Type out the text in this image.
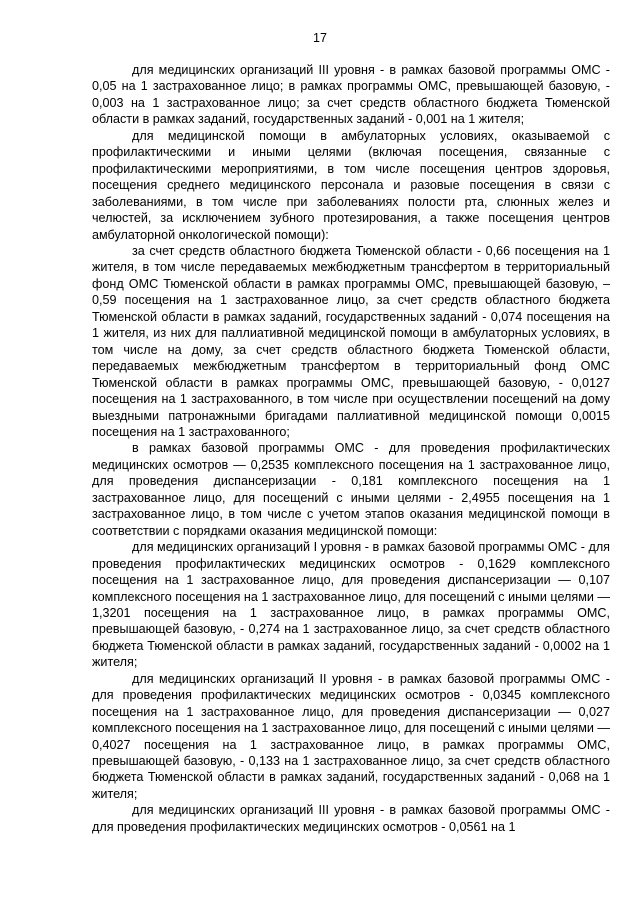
17

для медицинских организаций III уровня - в рамках базовой программы ОМС - 0,05 на 1 застрахованное лицо; в рамках программы ОМС, превышающей базовую, - 0,003 на 1 застрахованное лицо; за счет средств областного бюджета Тюменской области в рамках заданий, государственных заданий - 0,001 на 1 жителя;

для медицинской помощи в амбулаторных условиях, оказываемой с профилактическими и иными целями (включая посещения, связанные с профилактическими мероприятиями, в том числе посещения центров здоровья, посещения среднего медицинского персонала и разовые посещения в связи с заболеваниями, в том числе при заболеваниях полости рта, слюнных желез и челюстей, за исключением зубного протезирования, а также посещения центров амбулаторной онкологической помощи):

за счет средств областного бюджета Тюменской области - 0,66 посещения на 1 жителя, в том числе передаваемых межбюджетным трансфертом в территориальный фонд ОМС Тюменской области в рамках программы ОМС, превышающей базовую, – 0,59 посещения на 1 застрахованное лицо, за счет средств областного бюджета Тюменской области в рамках заданий, государственных заданий - 0,074 посещения на 1 жителя, из них для паллиативной медицинской помощи в амбулаторных условиях, в том числе на дому, за счет средств областного бюджета Тюменской области, передаваемых межбюджетным трансфертом в территориальный фонд ОМС Тюменской области в рамках программы ОМС, превышающей базовую, - 0,0127 посещения на 1 застрахованного, в том числе при осуществлении посещений на дому выездными патронажными бригадами паллиативной медицинской помощи 0,0015 посещения на 1 застрахованного;

в рамках базовой программы ОМС - для проведения профилактических медицинских осмотров — 0,2535 комплексного посещения на 1 застрахованное лицо, для проведения диспансеризации - 0,181 комплексного посещения на 1 застрахованное лицо, для посещений с иными целями - 2,4955 посещения на 1 застрахованное лицо, в том числе с учетом этапов оказания медицинской помощи в соответствии с порядками оказания медицинской помощи:

для медицинских организаций I уровня - в рамках базовой программы ОМС - для проведения профилактических медицинских осмотров - 0,1629 комплексного посещения на 1 застрахованное лицо, для проведения диспансеризации — 0,107 комплексного посещения на 1 застрахованное лицо, для посещений с иными целями — 1,3201 посещения на 1 застрахованное лицо, в рамках программы ОМС, превышающей базовую, - 0,274 на 1 застрахованное лицо, за счет средств областного бюджета Тюменской области в рамках заданий, государственных заданий - 0,0002 на 1 жителя;

для медицинских организаций II уровня - в рамках базовой программы ОМС - для проведения профилактических медицинских осмотров - 0,0345 комплексного посещения на 1 застрахованное лицо, для проведения диспансеризации — 0,027 комплексного посещения на 1 застрахованное лицо, для посещений с иными целями — 0,4027 посещения на 1 застрахованное лицо, в рамках программы ОМС, превышающей базовую, - 0,133 на 1 застрахованное лицо, за счет средств областного бюджета Тюменской области в рамках заданий, государственных заданий - 0,068 на 1 жителя;

для медицинских организаций III уровня - в рамках базовой программы ОМС - для проведения профилактических медицинских осмотров - 0,0561 на 1
